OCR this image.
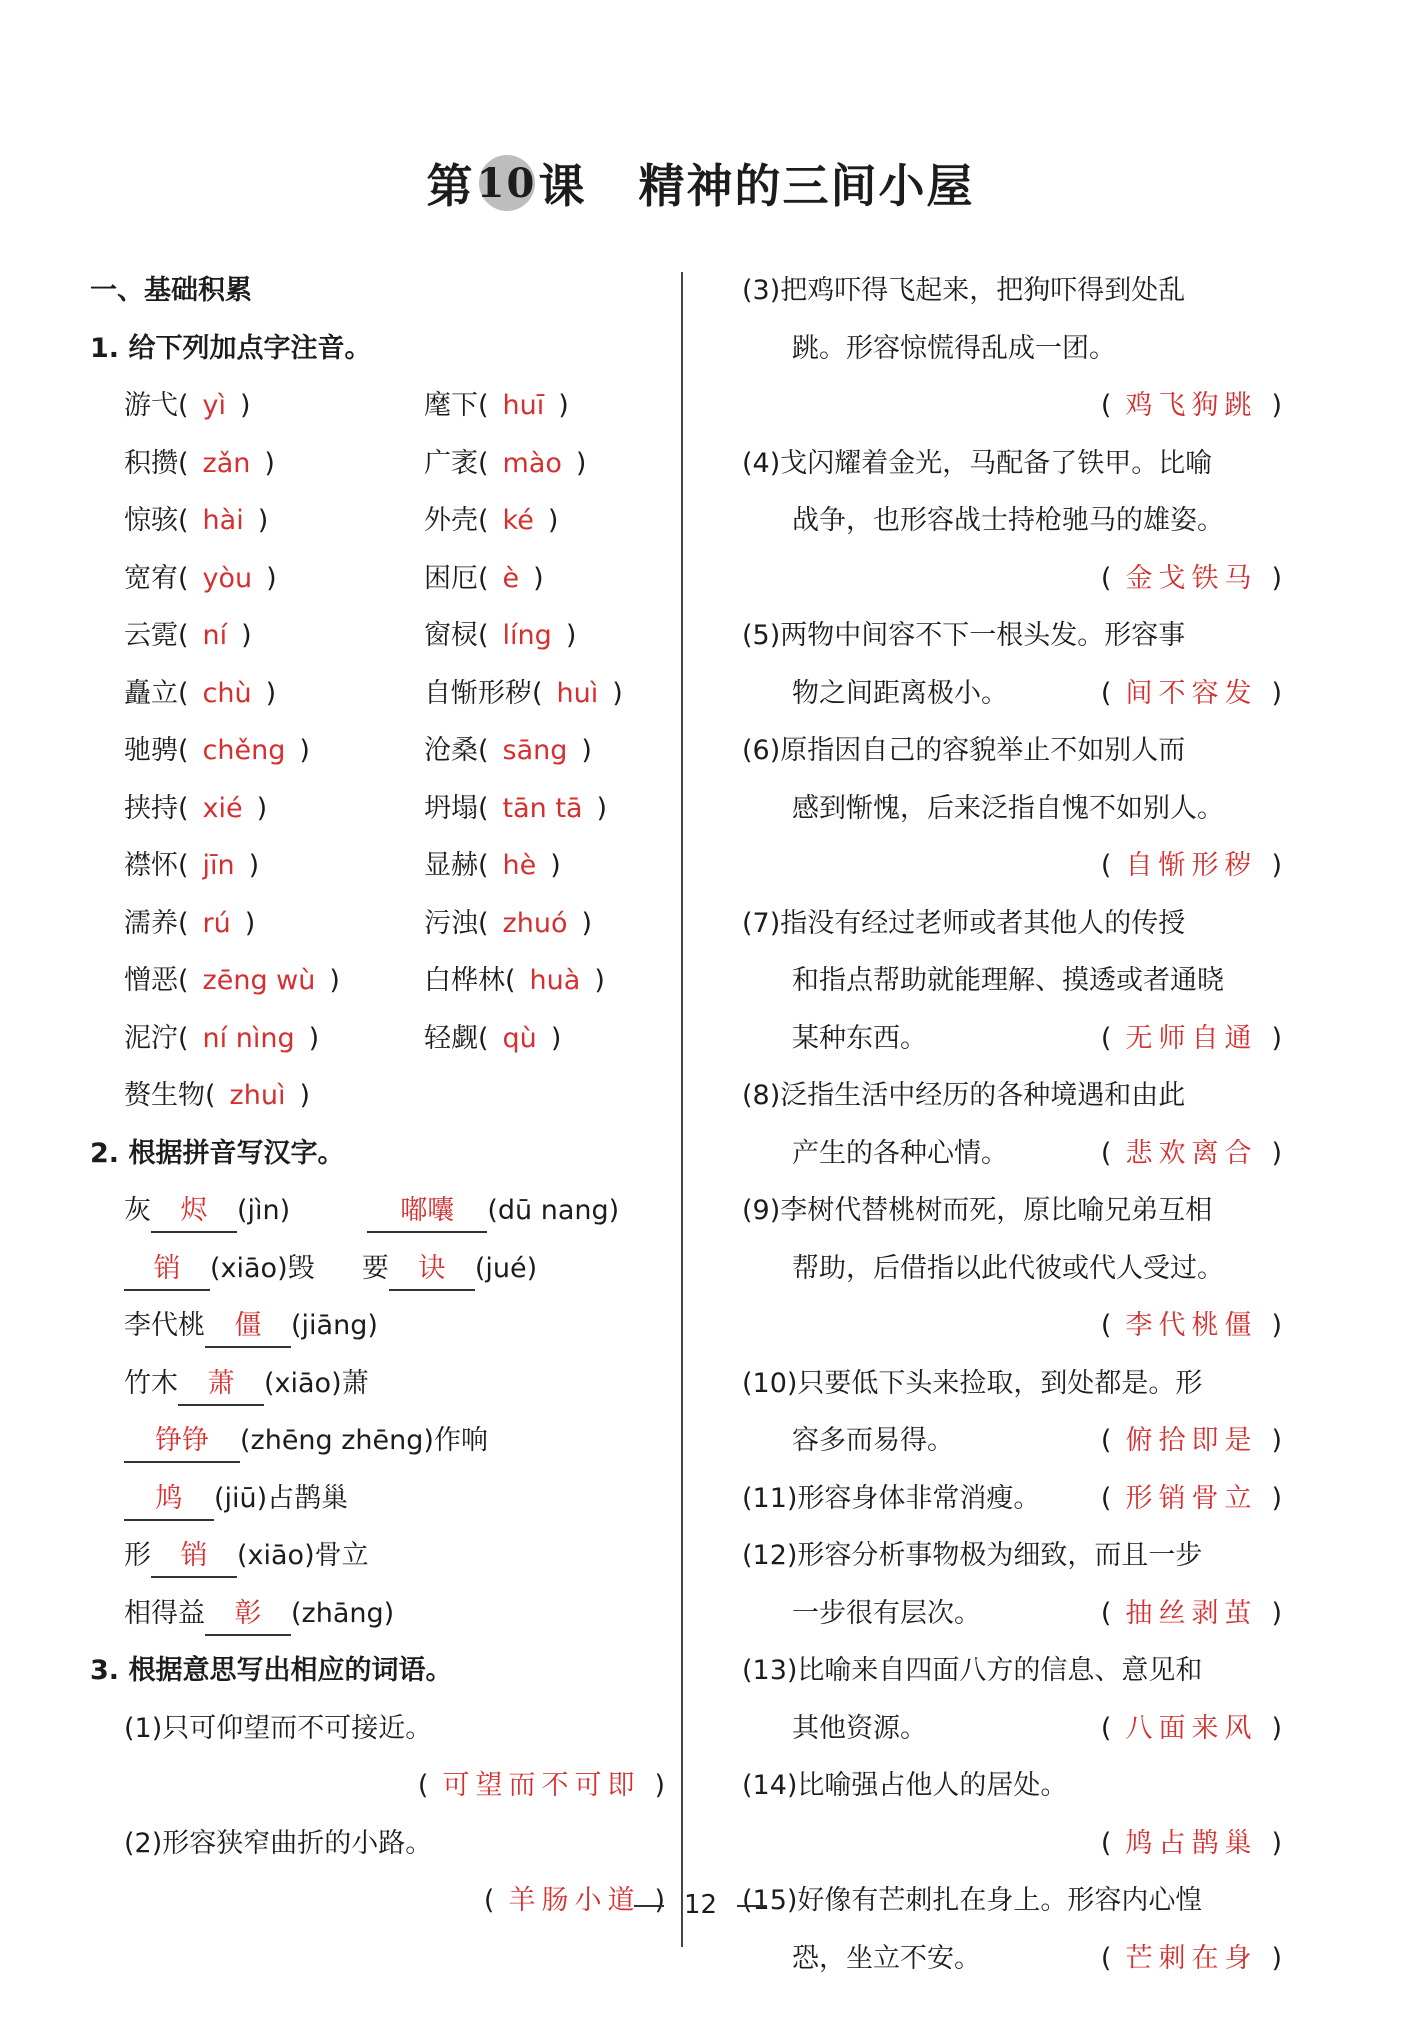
第 10 课 精神的三间小屋
一、基础积累
1. 给下列加点字注音。
游弋( yì )	麾下( huī )
积攒( zǎn )	广袤( mào )
惊骇( hài )	外壳( ké )
宽宥( yòu )	困厄( è )
云霓( ní )	窗棂( líng )
矗立( chù )	自惭形秽( huì )
驰骋( chěng )	沧桑( sāng )
挟持( xié )	坍塌( tān tā )
襟怀( jīn )	显赫( hè )
濡养( rú )	污浊( zhuó )
憎恶( zēng wù )	白桦林( huà )
泥泞( ní nìng )	轻觑( qù )
赘生物( zhuì )
2. 根据拼音写汉字。
灰 烬 (jìn)	嘟囔 (dū nang)
销 (xiāo)毁 要 诀 (jué)
李代桃 僵 (jiāng)
竹木 萧 (xiāo)萧
铮铮 (zhēng zhēng)作响
鸠 (jiū)占鹊巢
形 销 (xiāo)骨立
相得益 彰 (zhāng)
3. 根据意思写出相应的词语。
(1)只可仰望而不可接近。
( 可望而不可即 )
(2)形容狭窄曲折的小路。
( 羊肠小道 )
(3)把鸡吓得飞起来，把狗吓得到处乱
跳。形容惊慌得乱成一团。
( 鸡飞狗跳 )
(4)戈闪耀着金光，马配备了铁甲。比喻
战争，也形容战士持枪驰马的雄姿。
( 金戈铁马 )
(5)两物中间容不下一根头发。形容事
物之间距离极小。	( 间不容发 )
(6)原指因自己的容貌举止不如别人而
感到惭愧，后来泛指自愧不如别人。
( 自惭形秽 )
(7)指没有经过老师或者其他人的传授
和指点帮助就能理解、摸透或者通晓
某种东西。	( 无师自通 )
(8)泛指生活中经历的各种境遇和由此
产生的各种心情。	( 悲欢离合 )
(9)李树代替桃树而死，原比喻兄弟互相
帮助，后借指以此代彼或代人受过。
( 李代桃僵 )
(10)只要低下头来捡取，到处都是。形
容多而易得。	( 俯拾即是 )
(11)形容身体非常消瘦。 ( 形销骨立 )
(12)形容分析事物极为细致，而且一步
一步很有层次。	( 抽丝剥茧 )
(13)比喻来自四面八方的信息、意见和
其他资源。	( 八面来风 )
(14)比喻强占他人的居处。
( 鸠占鹊巢 )
(15)好像有芒刺扎在身上。形容内心惶
恐，坐立不安。	( 芒刺在身 )
12
